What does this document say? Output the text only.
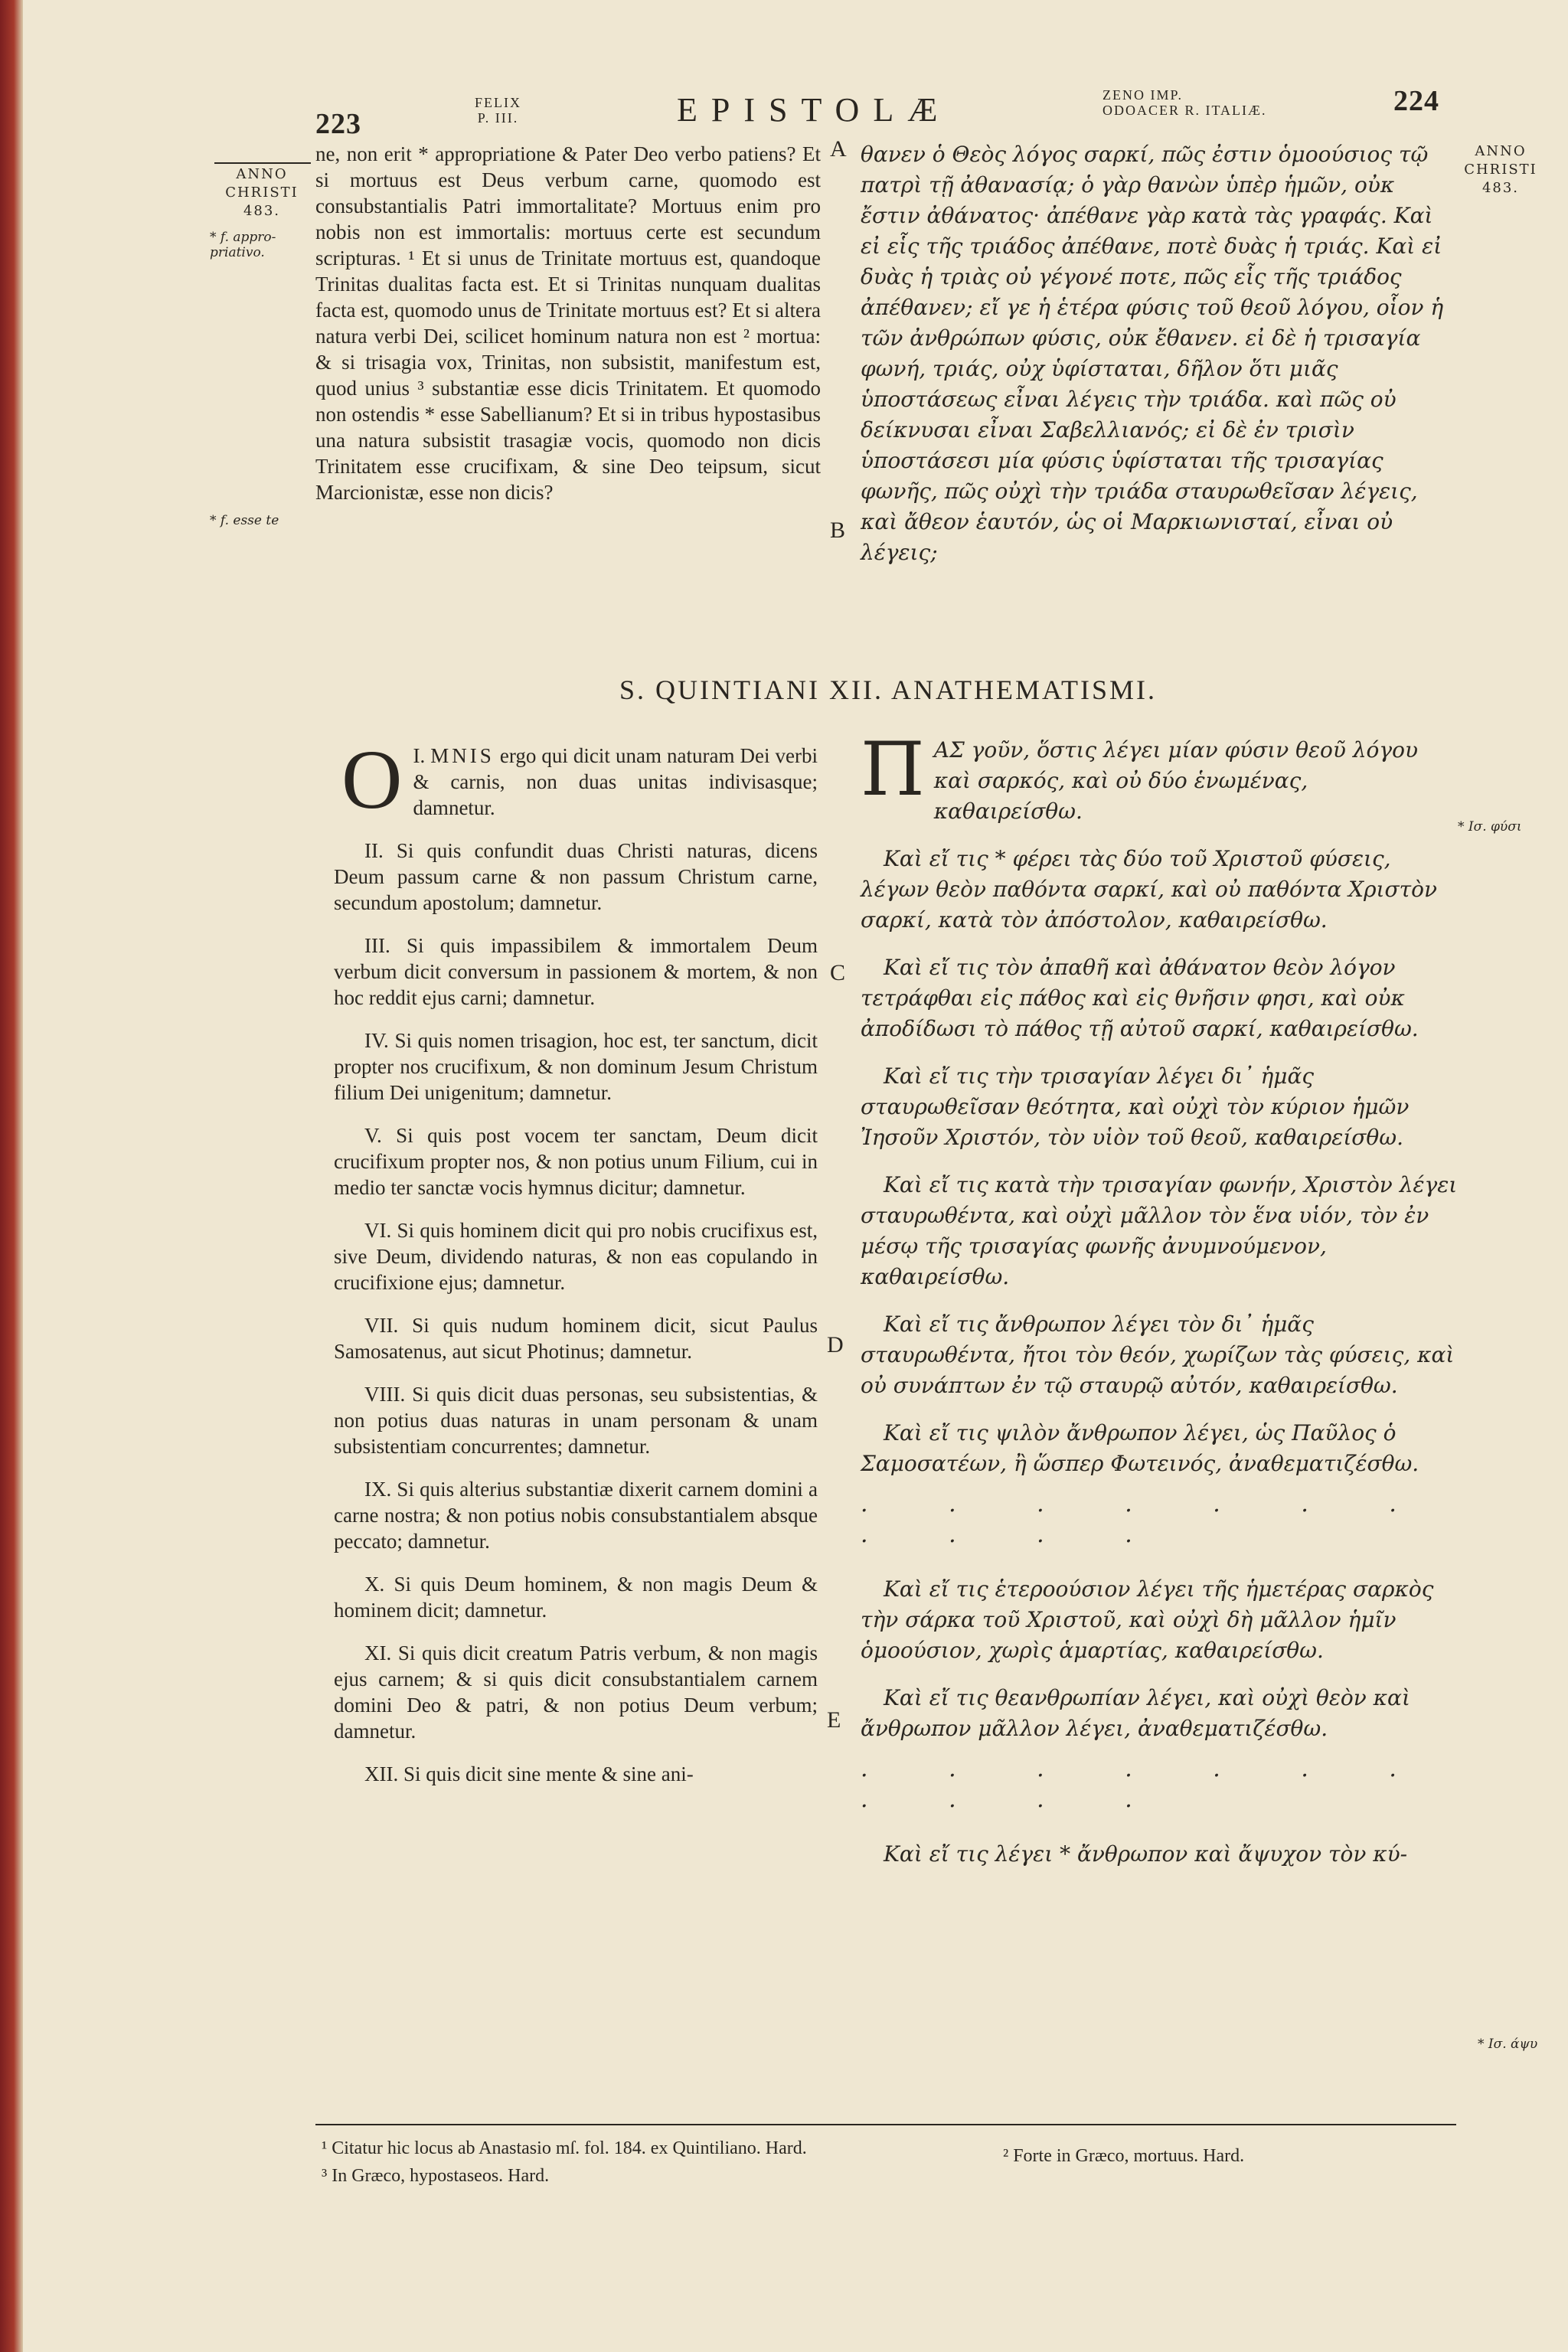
223
FELIX
P. III.	EPISTOLÆ	ZENO IMP.
ODOACER R. ITALIÆ.	224
ANNO
CHRISTI
483.
* f. appro-
priativo.
* f. esse te
ANNO
CHRISTI
483.
* Ισ. φύσι
* Ισ. άψυ
A
B
C
D
E
ne, non erit * appropriatione & Pater Deo verbo patiens? Et si mortuus est Deus verbum carne, quomodo est consubstantialis Patri immortalitate? Mortuus enim pro nobis non est immortalis: mortuus certe est secundum scripturas. ¹ Et si unus de Trinitate mortuus est, quandoque Trinitas dualitas facta est. Et si Trinitas nunquam dualitas facta est, quomodo unus de Trinitate mortuus est? Et si altera natura verbi Dei, scilicet hominum natura non est ² mortua: & si trisagia vox, Trinitas, non subsistit, manifestum est, quod unius ³ substantiæ esse dicis Trinitatem. Et quomodo non ostendis * esse Sabellianum? Et si in tribus hypostasibus una natura subsistit trasagiæ vocis, quomodo non dicis Trinitatem esse crucifixam, & sine Deo teipsum, sicut Marcionistæ, esse non dicis?
θανεν ὁ Θεὸς λόγος σαρκί, πῶς ἐστιν ὁμοούσιος τῷ πατρὶ τῇ ἀθανασίᾳ; ὁ γὰρ θανὼν ὑπὲρ ἡμῶν, οὐκ ἔστιν ἀθάνατος· ἀπέθανε γὰρ κατὰ τὰς γραφάς. Καὶ εἰ εἷς τῆς τριάδος ἀπέθανε, ποτὲ δυὰς ἡ τριάς. Καὶ εἰ δυὰς ἡ τριὰς οὐ γέγονέ ποτε, πῶς εἷς τῆς τριάδος ἀπέθανεν; εἴ γε ἡ ἑτέρα φύσις τοῦ θεοῦ λόγου, οἷον ἡ τῶν ἀνθρώπων φύσις, οὐκ ἔθανεν. εἰ δὲ ἡ τρισαγία φωνή, τριάς, οὐχ ὑφίσταται, δῆλον ὅτι μιᾶς ὑποστάσεως εἶναι λέγεις τὴν τριάδα. καὶ πῶς οὐ δείκνυσαι εἶναι Σαβελλιανός; εἰ δὲ ἐν τρισὶν ὑποστάσεσι μία φύσις ὑφίσταται τῆς τρισαγίας φωνῆς, πῶς οὐχὶ τὴν τριάδα σταυρωθεῖσαν λέγεις, καὶ ἄθεον ἑαυτόν, ὡς οἱ Μαρκιωνισταί, εἶναι οὐ λέγεις;
S. QUINTIANI XII. ANATHEMATISMI.
I.
O MNIS ergo qui dicit unam naturam Dei verbi & carnis, non duas unitas indivisasque; damnetur.
II. Si quis confundit duas Christi naturas, dicens Deum passum carne & non passum Christum carne, secundum apostolum; damnetur.
III. Si quis impassibilem & immortalem Deum verbum dicit conversum in passionem & mortem, & non hoc reddit ejus carni; damnetur.
IV. Si quis nomen trisagion, hoc est, ter sanctum, dicit propter nos crucifixum, & non dominum Jesum Christum filium Dei unigenitum; damnetur.
V. Si quis post vocem ter sanctam, Deum dicit crucifixum propter nos, & non potius unum Filium, cui in medio ter sanctæ vocis hymnus dicitur; damnetur.
VI. Si quis hominem dicit qui pro nobis crucifixus est, sive Deum, dividendo naturas, & non eas copulando in crucifixione ejus; damnetur.
VII. Si quis nudum hominem dicit, sicut Paulus Samosatenus, aut sicut Photinus; damnetur.
VIII. Si quis dicit duas personas, seu subsistentias, & non potius duas naturas in unam personam & unam subsistentiam concurrentes; damnetur.
IX. Si quis alterius substantiæ dixerit carnem domini a carne nostra; & non potius nobis consubstantialem absque peccato; damnetur.
X. Si quis Deum hominem, & non magis Deum & hominem dicit; damnetur.
XI. Si quis dicit creatum Patris verbum, & non magis ejus carnem; & si quis dicit consubstantialem carnem domini Deo & patri, & non potius Deum verbum; damnetur.
XII. Si quis dicit sine mente & sine ani-
Π ΑΣ γοῦν, ὅστις λέγει μίαν φύσιν θεοῦ λόγου καὶ σαρκός, καὶ οὐ δύο ἑνωμένας, καθαιρείσθω.
Καὶ εἴ τις * φέρει τὰς δύο τοῦ Χριστοῦ φύσεις, λέγων θεὸν παθόντα σαρκί, καὶ οὐ παθόντα Χριστὸν σαρκί, κατὰ τὸν ἀπόστολον, καθαιρείσθω.
Καὶ εἴ τις τὸν ἀπαθῆ καὶ ἀθάνατον θεὸν λόγον τετράφθαι εἰς πάθος καὶ εἰς θνῆσιν φησι, καὶ οὐκ ἀποδίδωσι τὸ πάθος τῇ αὐτοῦ σαρκί, καθαιρείσθω.
Καὶ εἴ τις τὴν τρισαγίαν λέγει δι᾽ ἡμᾶς σταυρωθεῖσαν θεότητα, καὶ οὐχὶ τὸν κύριον ἡμῶν Ἰησοῦν Χριστόν, τὸν υἱὸν τοῦ θεοῦ, καθαιρείσθω.
Καὶ εἴ τις κατὰ τὴν τρισαγίαν φωνήν, Χριστὸν λέγει σταυρωθέντα, καὶ οὐχὶ μᾶλλον τὸν ἕνα υἱόν, τὸν ἐν μέσῳ τῆς τρισαγίας φωνῆς ἀνυμνούμενον, καθαιρείσθω.
Καὶ εἴ τις ἄνθρωπον λέγει τὸν δι᾽ ἡμᾶς σταυρωθέντα, ἤτοι τὸν θεόν, χωρίζων τὰς φύσεις, καὶ οὐ συνάπτων ἐν τῷ σταυρῷ αὐτόν, καθαιρείσθω.
Καὶ εἴ τις ψιλὸν ἄνθρωπον λέγει, ὡς Παῦλος ὁ Σαμοσατέων, ἢ ὥσπερ Φωτεινός, ἀναθεματιζέσθω.
· · · · · · · · · · ·
Καὶ εἴ τις ἑτεροούσιον λέγει τῆς ἡμετέρας σαρκὸς τὴν σάρκα τοῦ Χριστοῦ, καὶ οὐχὶ δὴ μᾶλλον ἡμῖν ὁμοούσιον, χωρὶς ἁμαρτίας, καθαιρείσθω.
Καὶ εἴ τις θεανθρωπίαν λέγει, καὶ οὐχὶ θεὸν καὶ ἄνθρωπον μᾶλλον λέγει, ἀναθεματιζέσθω.
· · · · · · · · · · ·
Καὶ εἴ τις λέγει * ἄνθρωπον καὶ ἄψυχον τὸν κύ-
¹ Citatur hic locus ab Anastasio mſ. fol. 184. ex Quintiliano. Hard.	² Forte in Græco, mortuus. Hard.
³ In Græco, hypostaseos. Hard.
